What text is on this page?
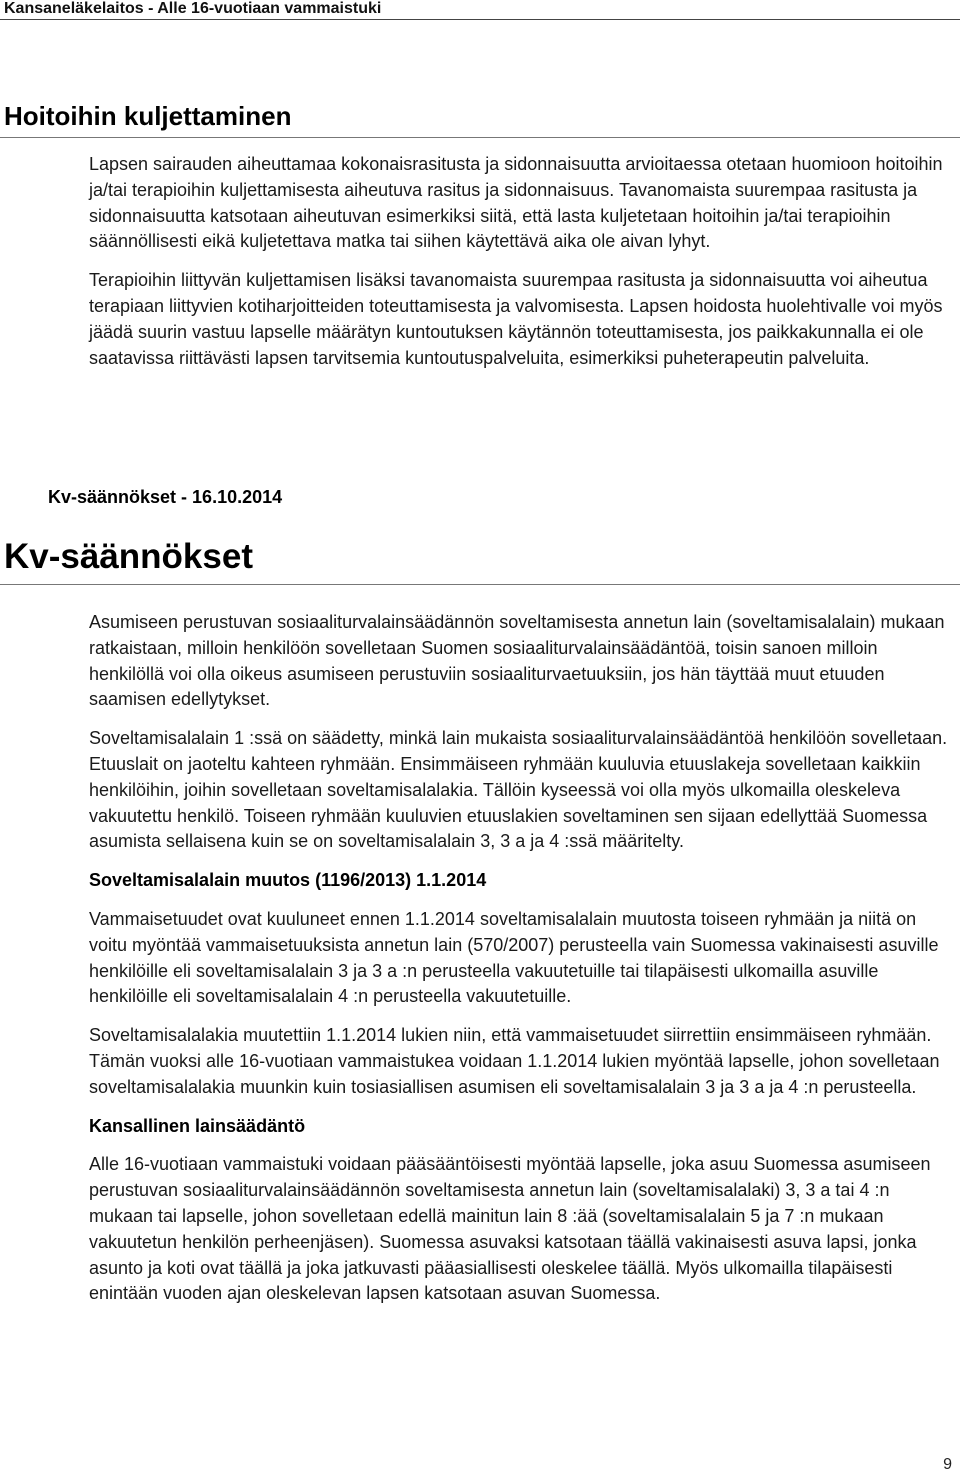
Kansaneläkelaitos - Alle 16-vuotiaan vammaistuki
Hoitoihin kuljettaminen

Lapsen sairauden aiheuttamaa kokonaisrasitusta ja sidonnaisuutta arvioitaessa otetaan huomioon hoitoihin ja/tai terapioihin kuljettamisesta aiheutuva rasitus ja sidonnaisuus. Tavanomaista suurempaa rasitusta ja sidonnaisuutta katsotaan aiheutuvan esimerkiksi siitä, että lasta kuljetetaan hoitoihin ja/tai terapioihin säännöllisesti eikä kuljetettava matka tai siihen käytettävä aika ole aivan lyhyt.

Terapioihin liittyvän kuljettamisen lisäksi tavanomaista suurempaa rasitusta ja sidonnaisuutta voi aiheutua terapiaan liittyvien kotiharjoitteiden toteuttamisesta ja valvomisesta. Lapsen hoidosta huolehtivalle voi myös jäädä suurin vastuu lapselle määrätyn kuntoutuksen käytännön toteuttamisesta, jos paikkakunnalla ei ole saatavissa riittävästi lapsen tarvitsemia kuntoutuspalveluita, esimerkiksi puheterapeutin palveluita.

Kv-säännökset - 16.10.2014

Kv-säännökset

Asumiseen perustuvan sosiaaliturvalainsäädännön soveltamisesta annetun lain (soveltamisalalain) mukaan ratkaistaan, milloin henkilöön sovelletaan Suomen sosiaaliturvalainsäädäntöä, toisin sanoen milloin henkilöllä voi olla oikeus asumiseen perustuviin sosiaaliturvaetuuksiin, jos hän täyttää muut etuuden saamisen edellytykset.

Soveltamisalalain 1 :ssä on säädetty, minkä lain mukaista sosiaaliturvalainsäädäntöä henkilöön sovelletaan. Etuuslait on jaoteltu kahteen ryhmään. Ensimmäiseen ryhmään kuuluvia etuuslakeja sovelletaan kaikkiin henkilöihin, joihin sovelletaan soveltamisalalakia. Tällöin kyseessä voi olla myös ulkomailla oleskeleva vakuutettu henkilö. Toiseen ryhmään kuuluvien etuuslakien soveltaminen sen sijaan edellyttää Suomessa asumista sellaisena kuin se on soveltamisalalain 3, 3 a ja 4 :ssä määritelty.

Soveltamisalalain muutos (1196/2013) 1.1.2014

Vammaisetuudet ovat kuuluneet ennen 1.1.2014 soveltamisalalain muutosta toiseen ryhmään ja niitä on voitu myöntää vammaisetuuksista annetun lain (570/2007) perusteella vain Suomessa vakinaisesti asuville henkilöille eli soveltamisalalain 3 ja 3 a :n perusteella vakuutetuille tai tilapäisesti ulkomailla asuville henkilöille eli soveltamisalalain 4 :n perusteella vakuutetuille.

Soveltamisalalakia muutettiin 1.1.2014 lukien niin, että vammaisetuudet siirrettiin ensimmäiseen ryhmään. Tämän vuoksi alle 16-vuotiaan vammaistukea voidaan 1.1.2014 lukien myöntää lapselle, johon sovelletaan soveltamisalalakia muunkin kuin tosiasiallisen asumisen eli soveltamisalalain 3 ja 3 a ja 4 :n perusteella.

Kansallinen lainsäädäntö

Alle 16-vuotiaan vammaistuki voidaan pääsääntöisesti myöntää lapselle, joka asuu Suomessa asumiseen perustuvan sosiaaliturvalainsäädännön soveltamisesta annetun lain (soveltamisalalaki) 3, 3 a tai 4 :n mukaan tai lapselle, johon sovelletaan edellä mainitun lain 8 :ää (soveltamisalalain 5 ja 7 :n mukaan vakuutetun henkilön perheenjäsen). Suomessa asuvaksi katsotaan täällä vakinaisesti asuva lapsi, jonka asunto ja koti ovat täällä ja joka jatkuvasti pääasiallisesti oleskelee täällä. Myös ulkomailla tilapäisesti enintään vuoden ajan oleskelevan lapsen katsotaan asuvan Suomessa.

9
